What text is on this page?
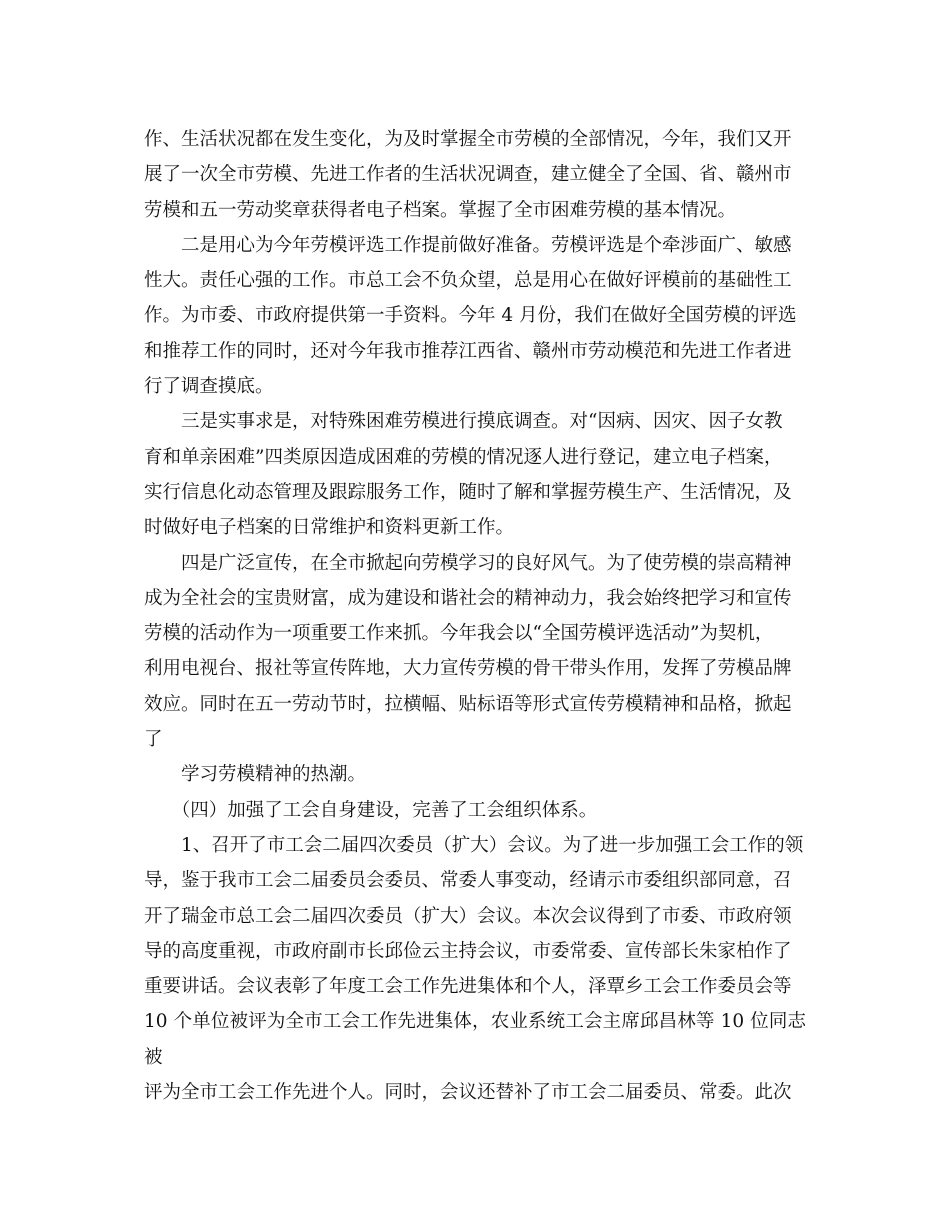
作、生活状况都在发生变化，为及时掌握全市劳模的全部情况，今年，我们又开
展了一次全市劳模、先进工作者的生活状况调查，建立健全了全国、省、赣州市
劳模和五一劳动奖章获得者电子档案。掌握了全市困难劳模的基本情况。

　　二是用心为今年劳模评选工作提前做好准备。劳模评选是个牵涉面广、敏感
性大。责任心强的工作。市总工会不负众望，总是用心在做好评模前的基础性工
作。为市委、市政府提供第一手资料。今年 4 月份，我们在做好全国劳模的评选
和推荐工作的同时，还对今年我市推荐江西省、赣州市劳动模范和先进工作者进
行了调查摸底。

　　三是实事求是，对特殊困难劳模进行摸底调查。对“因病、因灾、因子女教
育和单亲困难”四类原因造成困难的劳模的情况逐人进行登记，建立电子档案，
实行信息化动态管理及跟踪服务工作，随时了解和掌握劳模生产、生活情况，及
时做好电子档案的日常维护和资料更新工作。

　　四是广泛宣传，在全市掀起向劳模学习的良好风气。为了使劳模的崇高精神
成为全社会的宝贵财富，成为建设和谐社会的精神动力，我会始终把学习和宣传
劳模的活动作为一项重要工作来抓。今年我会以“全国劳模评选活动”为契机，
利用电视台、报社等宣传阵地，大力宣传劳模的骨干带头作用，发挥了劳模品牌
效应。同时在五一劳动节时，拉横幅、贴标语等形式宣传劳模精神和品格，掀起
了

　　学习劳模精神的热潮。

　　（四）加强了工会自身建设，完善了工会组织体系。

　　1、召开了市工会二届四次委员（扩大）会议。为了进一步加强工会工作的领
导，鉴于我市工会二届委员会委员、常委人事变动，经请示市委组织部同意，召
开了瑞金市总工会二届四次委员（扩大）会议。本次会议得到了市委、市政府领
导的高度重视，市政府副市长邱俭云主持会议，市委常委、宣传部长朱家柏作了
重要讲话。会议表彰了年度工会工作先进集体和个人，泽覃乡工会工作委员会等
10 个单位被评为全市工会工作先进集体，农业系统工会主席邱昌林等 10 位同志被
评为全市工会工作先进个人。同时，会议还替补了市工会二届委员、常委。此次
